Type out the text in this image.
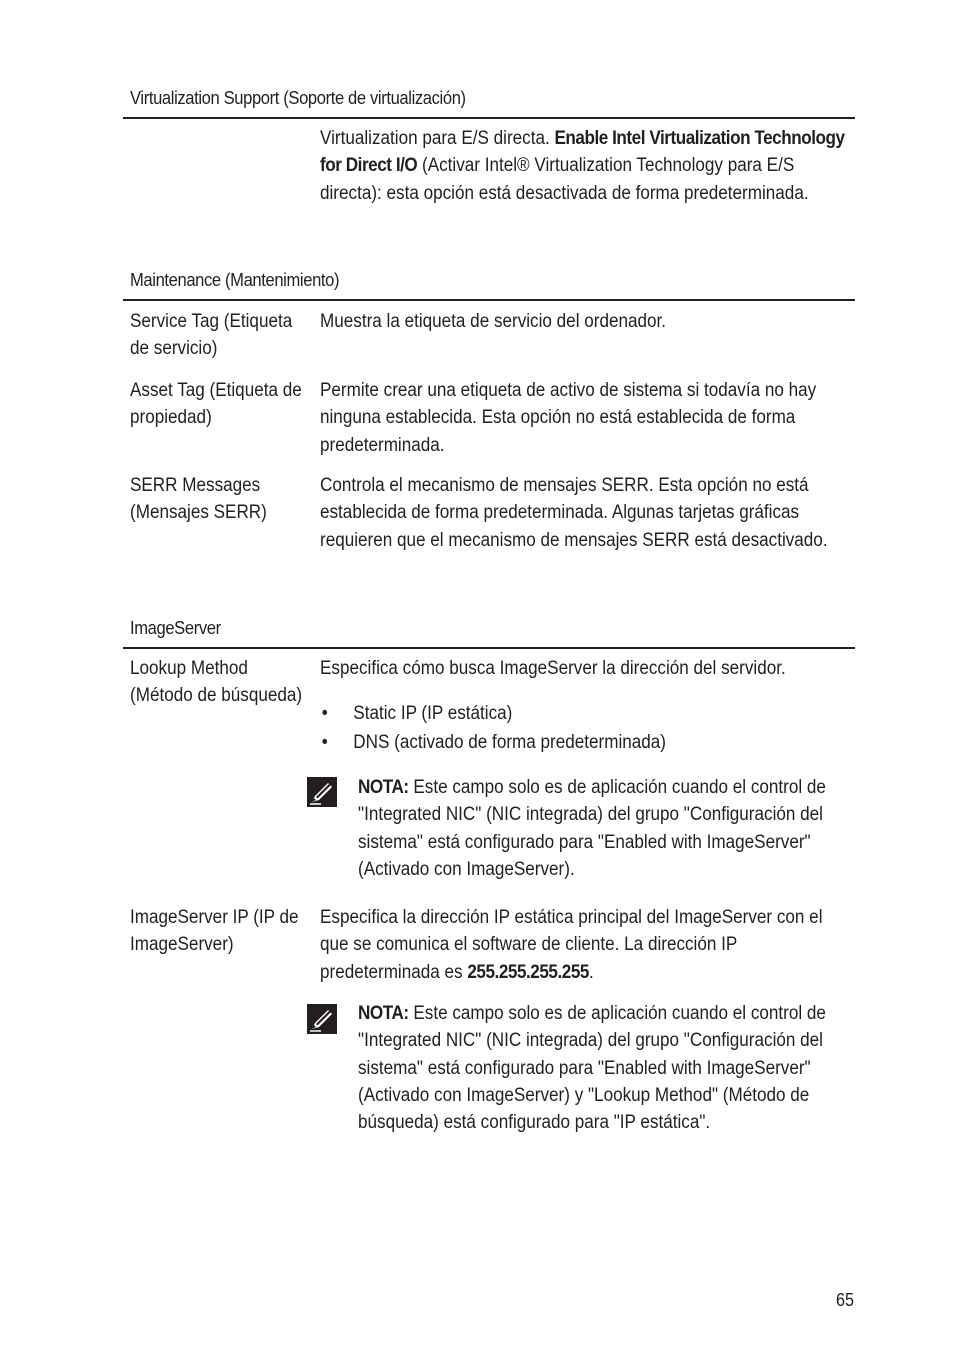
Virtualization Support (Soporte de virtualización)
Virtualization para E/S directa. Enable Intel Virtualization Technology for Direct I/O (Activar Intel® Virtualization Technology para E/S directa): esta opción está desactivada de forma predeterminada.
Maintenance (Mantenimiento)
Service Tag (Etiqueta de servicio)
Muestra la etiqueta de servicio del ordenador.
Asset Tag (Etiqueta de propiedad)
Permite crear una etiqueta de activo de sistema si todavía no hay ninguna establecida. Esta opción no está establecida de forma predeterminada.
SERR Messages (Mensajes SERR)
Controla el mecanismo de mensajes SERR. Esta opción no está establecida de forma predeterminada. Algunas tarjetas gráficas requieren que el mecanismo de mensajes SERR está desactivado.
ImageServer
Lookup Method (Método de búsqueda)
Especifica cómo busca ImageServer la dirección del servidor.
• Static IP (IP estática)
• DNS (activado de forma predeterminada)
NOTA: Este campo solo es de aplicación cuando el control de "Integrated NIC" (NIC integrada) del grupo "Configuración del sistema" está configurado para "Enabled with ImageServer" (Activado con ImageServer).
ImageServer IP (IP de ImageServer)
Especifica la dirección IP estática principal del ImageServer con el que se comunica el software de cliente. La dirección IP predeterminada es 255.255.255.255.
NOTA: Este campo solo es de aplicación cuando el control de "Integrated NIC" (NIC integrada) del grupo "Configuración del sistema" está configurado para "Enabled with ImageServer" (Activado con ImageServer) y "Lookup Method" (Método de búsqueda) está configurado para "IP estática".
65
